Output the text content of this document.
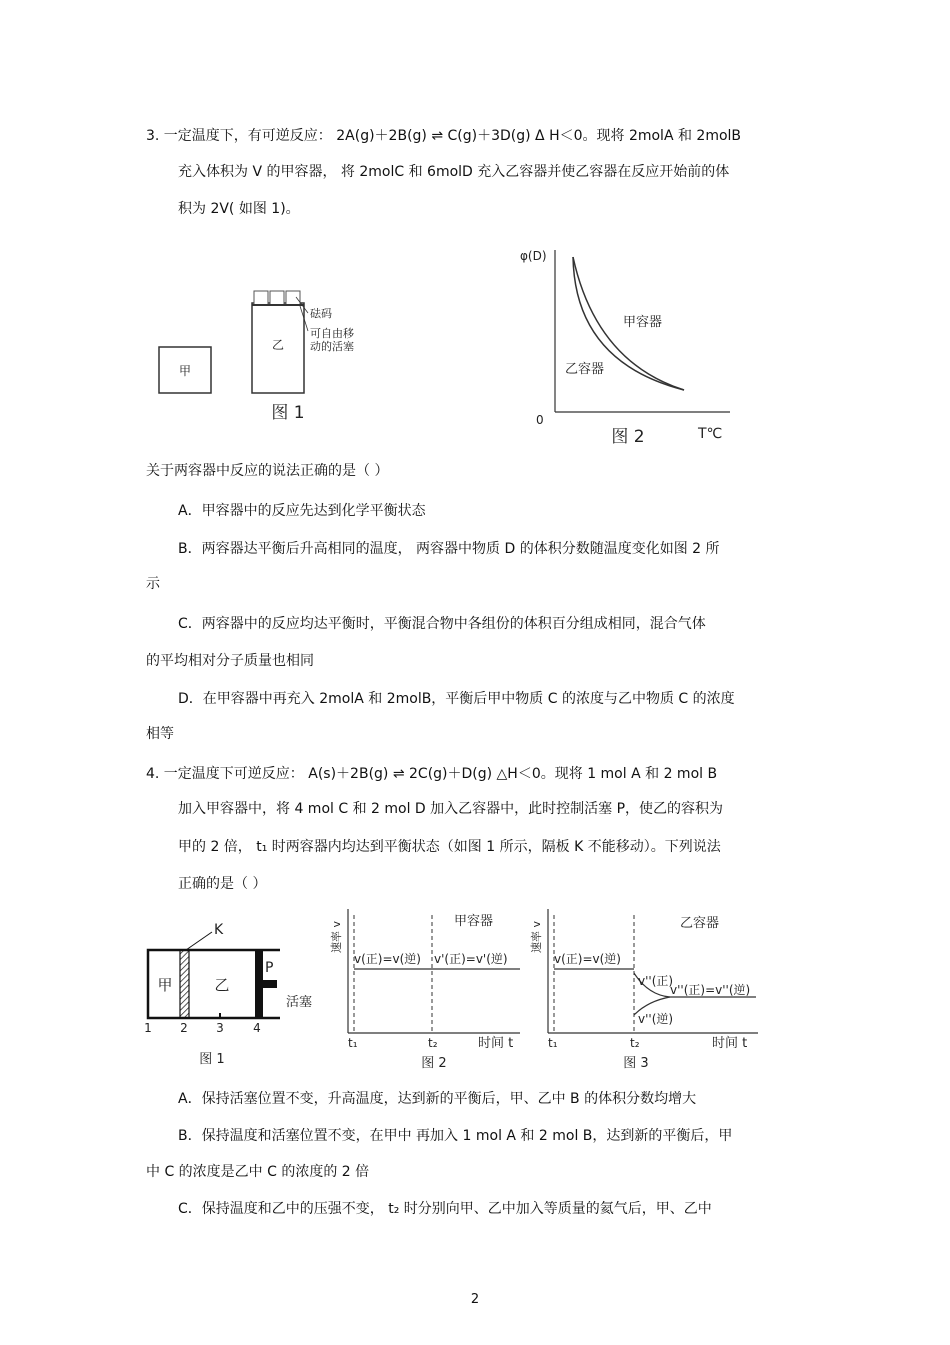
3. 一定温度下，有可逆反应： 2A(g)＋2B(g) ⇌ C(g)＋3D(g) Δ H＜0。现将 2molA 和 2molB
充入体积为 V 的甲容器， 将 2molC 和 6molD 充入乙容器并使乙容器在反应开始前的体
积为 2V( 如图 1)。
甲
乙
砝码
可自由移
动的活塞
图 1
φ(D)
0
T℃
甲容器
乙容器
图 2
关于两容器中反应的说法正确的是（ ）
A．甲容器中的反应先达到化学平衡状态
B．两容器达平衡后升高相同的温度， 两容器中物质 D 的体积分数随温度变化如图 2 所
示
C．两容器中的反应均达平衡时，平衡混合物中各组份的体积百分组成相同，混合气体
的平均相对分子质量也相同
D．在甲容器中再充入 2molA 和 2molB，平衡后甲中物质 C 的浓度与乙中物质 C 的浓度
相等
4. 一定温度下可逆反应： A(s)＋2B(g) ⇌ 2C(g)＋D(g) △H＜0。现将 1 mol A 和 2 mol B
加入甲容器中，将 4 mol C 和 2 mol D 加入乙容器中，此时控制活塞 P，使乙的容积为
甲的 2 倍， t₁ 时两容器内均达到平衡状态（如图 1 所示，隔板 K 不能移动）。下列说法
正确的是（ ）
K
甲	乙
P
活塞
1 2 3 4
图 1
速率 v	甲容器
v(正)=v(逆) v'(正)=v'(逆)
t₁	t₂	时间 t
图 2
速率 v	乙容器
v(正)=v(逆)
v''(正)
v''(正)=v''(逆)
v''(逆)
t₁	t₂	时间 t
图 3
A．保持活塞位置不变，升高温度，达到新的平衡后，甲、乙中 B 的体积分数均增大
B．保持温度和活塞位置不变，在甲中 再加入 1 mol A 和 2 mol B，达到新的平衡后，甲
中 C 的浓度是乙中 C 的浓度的 2 倍
C．保持温度和乙中的压强不变， t₂ 时分别向甲、乙中加入等质量的氦气后，甲、乙中
2
